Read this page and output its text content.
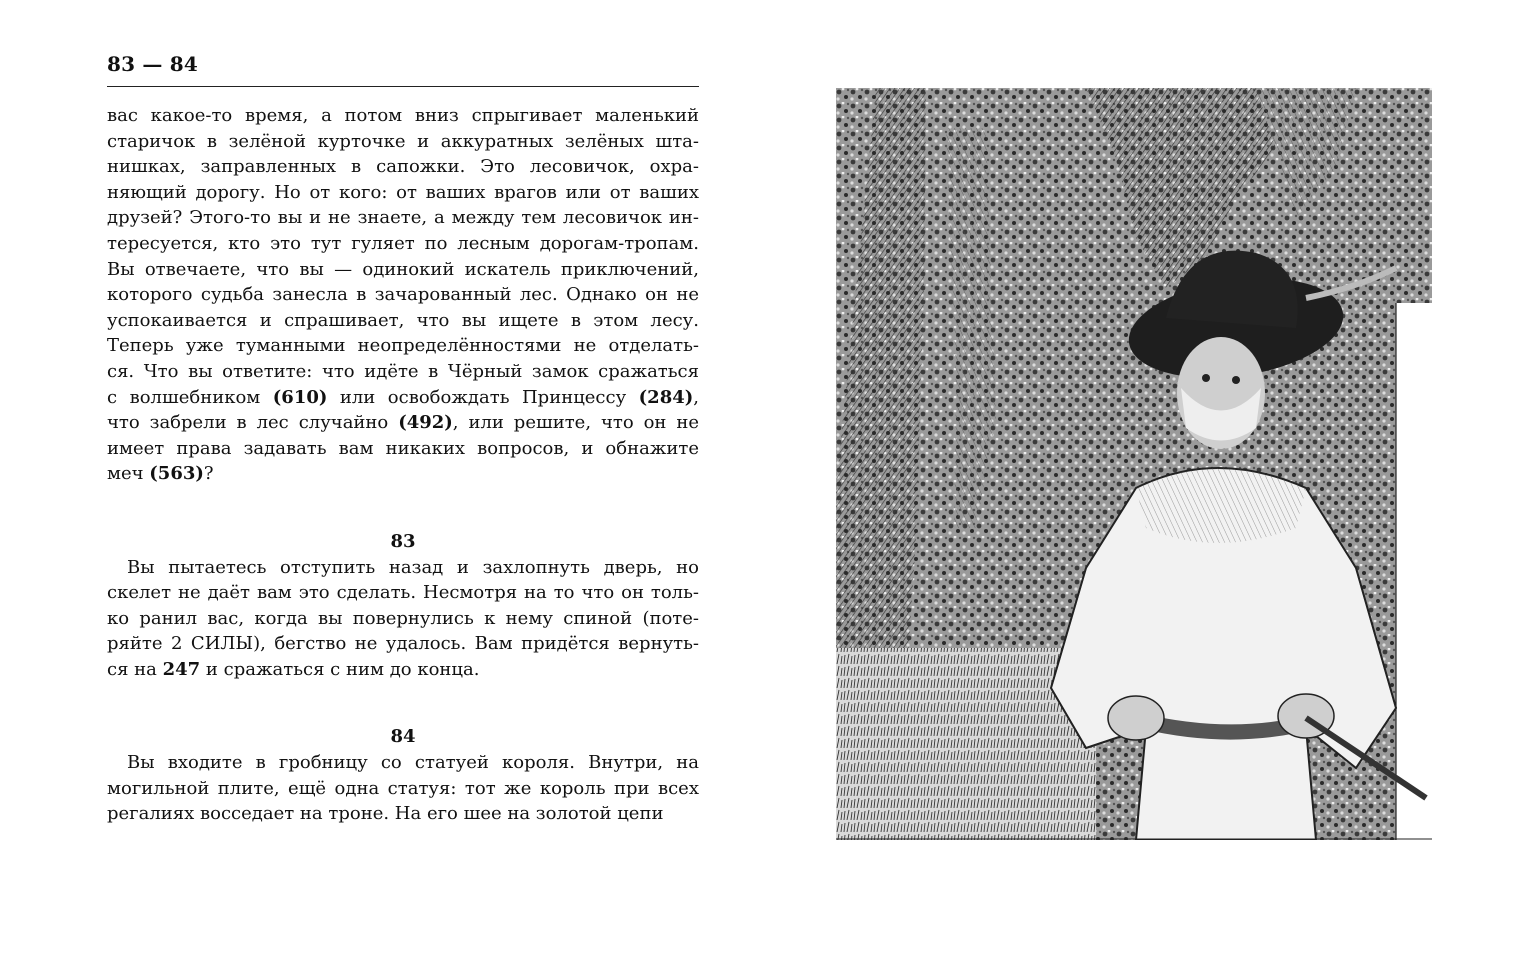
83 — 84
вас какое-то время, а потом вниз спрыгивает маленький
старичок в зелёной курточке и аккуратных зелёных шта-
нишках, заправленных в сапожки. Это лесовичок, охра-
няющий дорогу. Но от кого: от ваших врагов или от ваших
друзей? Этого-то вы и не знаете, а между тем лесовичок ин-
тересуется, кто это тут гуляет по лесным дорогам-тропам.
Вы отвечаете, что вы — одинокий искатель приключений,
которого судьба занесла в зачарованный лес. Однако он не
успокаивается и спрашивает, что вы ищете в этом лесу.
Теперь уже туманными неопределённостями не отделать-
ся. Что вы ответите: что идёте в Чёрный замок сражаться
с волшебником (610) или освобождать Принцессу (284),
что забрели в лес случайно (492), или решите, что он не
имеет права задавать вам никаких вопросов, и обнажите
меч (563)?
83
Вы пытаетесь отступить назад и захлопнуть дверь, но
скелет не даёт вам это сделать. Несмотря на то что он толь-
ко ранил вас, когда вы повернулись к нему спиной (поте-
ряйте 2 СИЛЫ), бегство не удалось. Вам придётся вернуть-
ся на 247 и сражаться с ним до конца.
84
Вы входите в гробницу со статуей короля. Внутри, на
могильной плите, ещё одна статуя: тот же король при всех
регалиях восседает на троне. На его шее на золотой цепи
